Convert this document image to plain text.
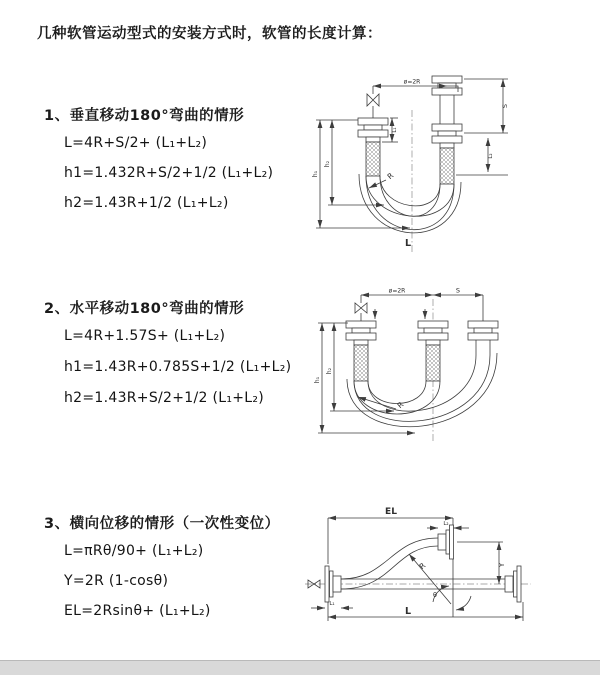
几种软管运动型式的安装方式时，软管的长度计算：
1、垂直移动180°弯曲的情形
L=4R+S/2+ (L₁+L₂)
h1=1.432R+S/2+1/2 (L₁+L₂)
h2=1.43R+1/2 (L₁+L₂)
2、水平移动180°弯曲的情形
L=4R+1.57S+ (L₁+L₂)
h1=1.43R+0.785S+1/2 (L₁+L₂)
h2=1.43R+S/2+1/2 (L₁+L₂)
3、横向位移的情形（一次性变位）
L=πRθ/90+ (L₁+L₂)
Y=2R (1-cosθ)
EL=2Rsinθ+ (L₁+L₂)
ø=2R
S
L₂
h₁
h₂
L₁
R
L
ø=2R	S
h₁
h₂
R
EL
L
L₂
L₁
Y
R
θ
